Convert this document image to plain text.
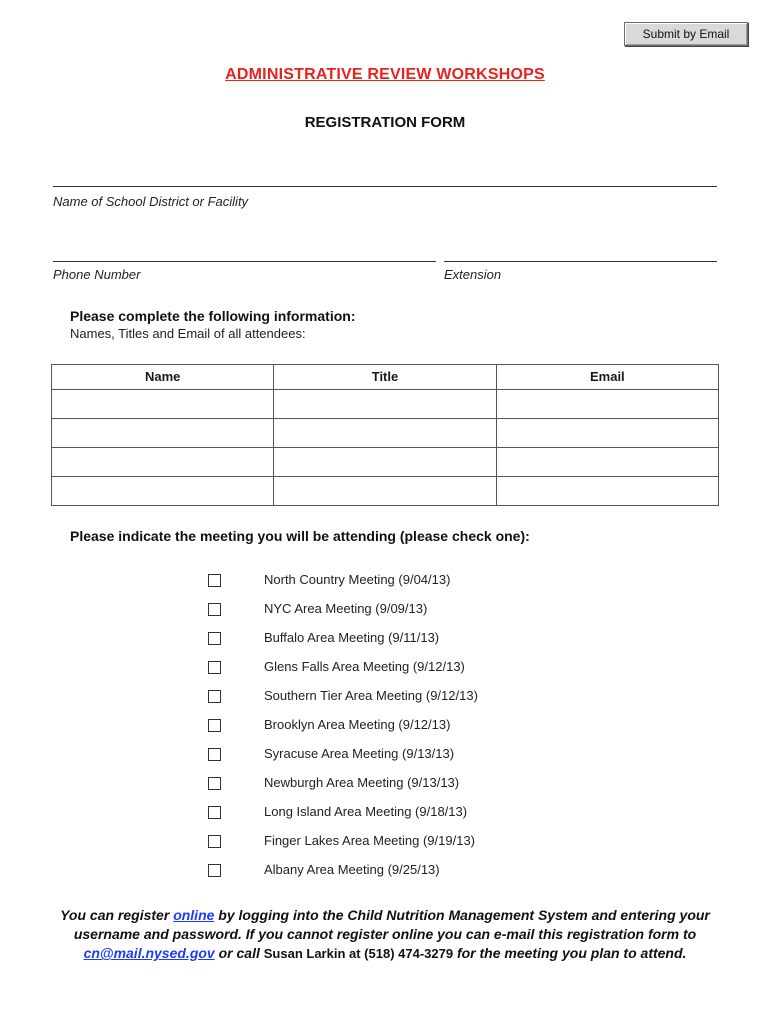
Submit by Email
ADMINISTRATIVE REVIEW WORKSHOPS
REGISTRATION FORM
Name of School District or Facility
Phone Number	Extension
Please complete the following information:
Names, Titles and Email of all attendees:
Name	Title	Email

Please indicate the meeting you will be attending (please check one):
North Country Meeting (9/04/13)
NYC Area Meeting (9/09/13)
Buffalo Area Meeting (9/11/13)
Glens Falls Area Meeting (9/12/13)
Southern Tier Area Meeting (9/12/13)
Brooklyn Area Meeting (9/12/13)
Syracuse Area Meeting (9/13/13)
Newburgh Area Meeting (9/13/13)
Long Island Area Meeting (9/18/13)
Finger Lakes Area Meeting (9/19/13)
Albany Area Meeting (9/25/13)
You can register online by logging into the Child Nutrition Management System and entering your username and password. If you cannot register online you can e-mail this registration form to cn@mail.nysed.gov or call Susan Larkin at (518) 474-3279 for the meeting you plan to attend.
